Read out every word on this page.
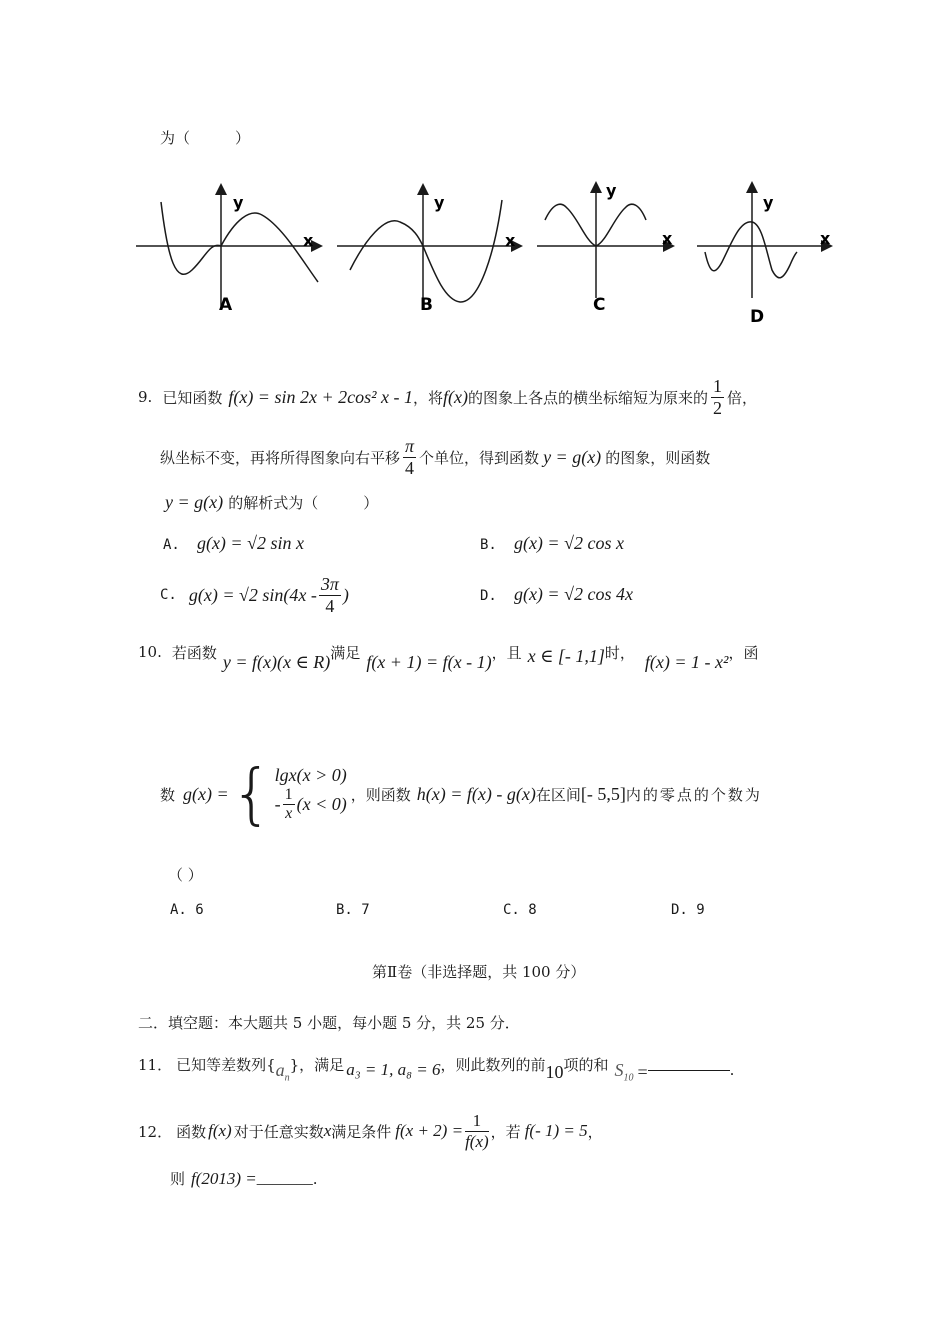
为（　　　）
y
x
A
y
x
B
y
x
C
y
x
D
9. 已知函数 f(x) = sin 2x + 2cos² x - 1 ，将 f(x) 的图象上各点的横坐标缩短为原来的 $\frac{1}{2}$ 倍，
纵坐标不变，再将所得图象向右平移 $\frac{\pi}{4}$ 个单位，得到函数 y = g(x) 的图象，则函数
y = g(x) 的解析式为（　　　）
A. g(x) = √2 sin x	B. g(x) = √2 cos x
C. g(x) = √2 $\sin(4x - \frac{3\pi}{4}$ )	D. g(x) = √2 cos 4x
10. 若函数 y = f(x)(x ∈ R) 满足 f(x + 1) = f(x - 1) ，且 x ∈ [- 1,1] 时， f(x) = 1 - x² ，函
数 g(x) = { lgx(x > 0)
- $\frac{1}{x} (x < 0)$ ，则函数 h(x) = f(x) - g(x) 在区间 [- 5,5] 内的零点的个数为
（ ）
A. 6	B. 7	C. 8	D. 9
第Ⅱ卷（非选择题，共 100 分）
二．填空题：本大题共 5 小题，每小题 5 分，共 25 分．
11． 已知等差数列{ $a_n$
}，满足 a₃ = 1, a₈ = 6 ，则此数列的前 10 项的和 $S_{10}$ =	.
12． 函数 f(x) 对于任意实数 x 满足条件 $f(x + 2) = \frac{1}{f(x)}$ ，若 f(- 1) = 5 ，
则 f(2013) = _______ .
